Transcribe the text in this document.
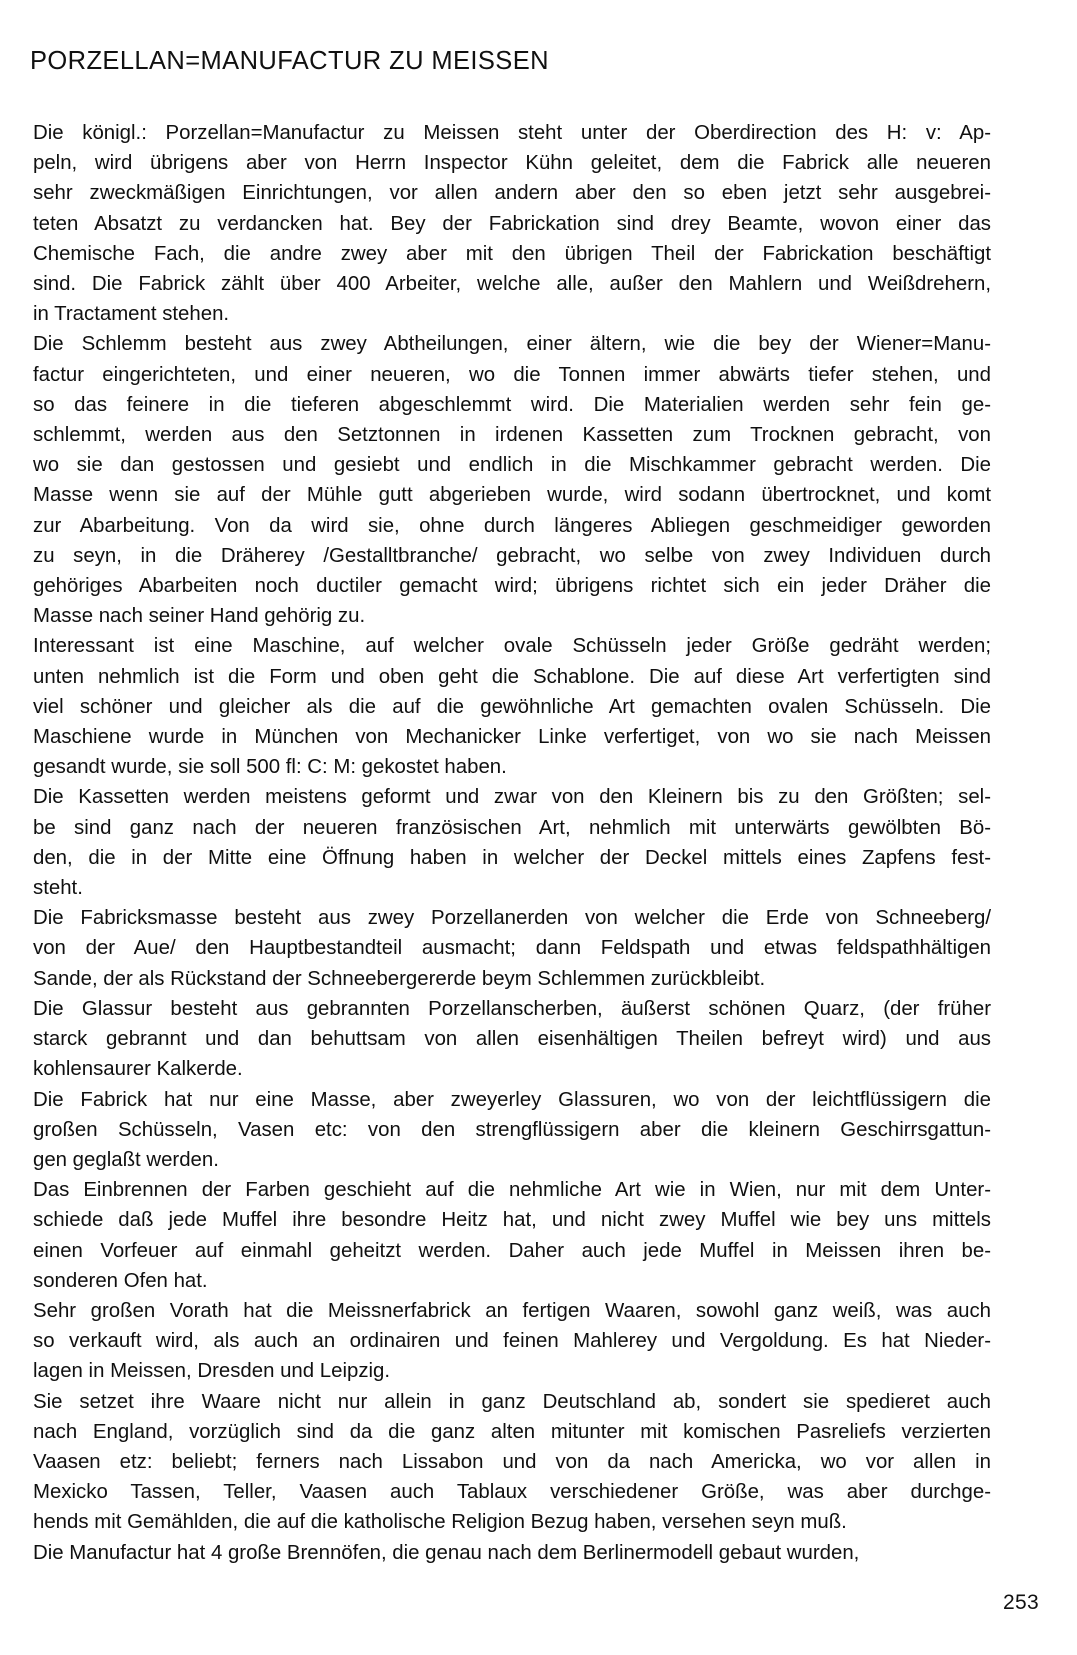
PORZELLAN=MANUFACTUR ZU MEISSEN

Die königl.: Porzellan=Manufactur zu Meissen steht unter der Oberdirection des H: v: Ap-
peln, wird übrigens aber von Herrn Inspector Kühn geleitet, dem die Fabrick alle neueren
sehr zweckmäßigen Einrichtungen, vor allen andern aber den so eben jetzt sehr ausgebrei-
teten Absatzt zu verdancken hat. Bey der Fabrickation sind drey Beamte, wovon einer das
Chemische Fach, die andre zwey aber mit den übrigen Theil der Fabrickation beschäftigt
sind. Die Fabrick zählt über 400 Arbeiter, welche alle, außer den Mahlern und Weißdrehern,
in Tractament stehen.

Die Schlemm besteht aus zwey Abtheilungen, einer ältern, wie die bey der Wiener=Manu-
factur eingerichteten, und einer neueren, wo die Tonnen immer abwärts tiefer stehen, und
so das feinere in die tieferen abgeschlemmt wird. Die Materialien werden sehr fein ge-
schlemmt, werden aus den Setztonnen in irdenen Kassetten zum Trocknen gebracht, von
wo sie dan gestossen und gesiebt und endlich in die Mischkammer gebracht werden. Die
Masse wenn sie auf der Mühle gutt abgerieben wurde, wird sodann übertrocknet, und komt
zur Abarbeitung. Von da wird sie, ohne durch längeres Abliegen geschmeidiger geworden
zu seyn, in die Dräherey /Gestalltbranche/ gebracht, wo selbe von zwey Individuen durch
gehöriges Abarbeiten noch ductiler gemacht wird; übrigens richtet sich ein jeder Dräher die
Masse nach seiner Hand gehörig zu.

Interessant ist eine Maschine, auf welcher ovale Schüsseln jeder Größe gedräht werden;
unten nehmlich ist die Form und oben geht die Schablone. Die auf diese Art verfertigten sind
viel schöner und gleicher als die auf die gewöhnliche Art gemachten ovalen Schüsseln. Die
Maschiene wurde in München von Mechanicker Linke verfertiget, von wo sie nach Meissen
gesandt wurde, sie soll 500 fl: C: M: gekostet haben.

Die Kassetten werden meistens geformt und zwar von den Kleinern bis zu den Größten; sel-
be sind ganz nach der neueren französischen Art, nehmlich mit unterwärts gewölbten Bö-
den, die in der Mitte eine Öffnung haben in welcher der Deckel mittels eines Zapfens fest-
steht.

Die Fabricksmasse besteht aus zwey Porzellanerden von welcher die Erde von Schneeberg/
von der Aue/ den Hauptbestandteil ausmacht; dann Feldspath und etwas feldspathhältigen
Sande, der als Rückstand der Schneebergererde beym Schlemmen zurückbleibt.

Die Glassur besteht aus gebrannten Porzellanscherben, äußerst schönen Quarz, (der früher
starck gebrannt und dan behuttsam von allen eisenhältigen Theilen befreyt wird) und aus
kohlensaurer Kalkerde.

Die Fabrick hat nur eine Masse, aber zweyerley Glassuren, wo von der leichtflüssigern die
großen Schüsseln, Vasen etc: von den strengflüssigern aber die kleinern Geschirrsgattun-
gen geglaßt werden.

Das Einbrennen der Farben geschieht auf die nehmliche Art wie in Wien, nur mit dem Unter-
schiede daß jede Muffel ihre besondre Heitz hat, und nicht zwey Muffel wie bey uns mittels
einen Vorfeuer auf einmahl geheitzt werden. Daher auch jede Muffel in Meissen ihren be-
sonderen Ofen hat.

Sehr großen Vorath hat die Meissnerfabrick an fertigen Waaren, sowohl ganz weiß, was auch
so verkauft wird, als auch an ordinairen und feinen Mahlerey und Vergoldung. Es hat Nieder-
lagen in Meissen, Dresden und Leipzig.

Sie setzet ihre Waare nicht nur allein in ganz Deutschland ab, sondert sie spedieret auch
nach England, vorzüglich sind da die ganz alten mitunter mit komischen Pasreliefs verzierten
Vaasen etz: beliebt; ferners nach Lissabon und von da nach Americka, wo vor allen in
Mexicko Tassen, Teller, Vaasen auch Tablaux verschiedener Größe, was aber durchge-
hends mit Gemählden, die auf die katholische Religion Bezug haben, versehen seyn muß.

Die Manufactur hat 4 große Brennöfen, die genau nach dem Berlinermodell gebaut wurden,

253
